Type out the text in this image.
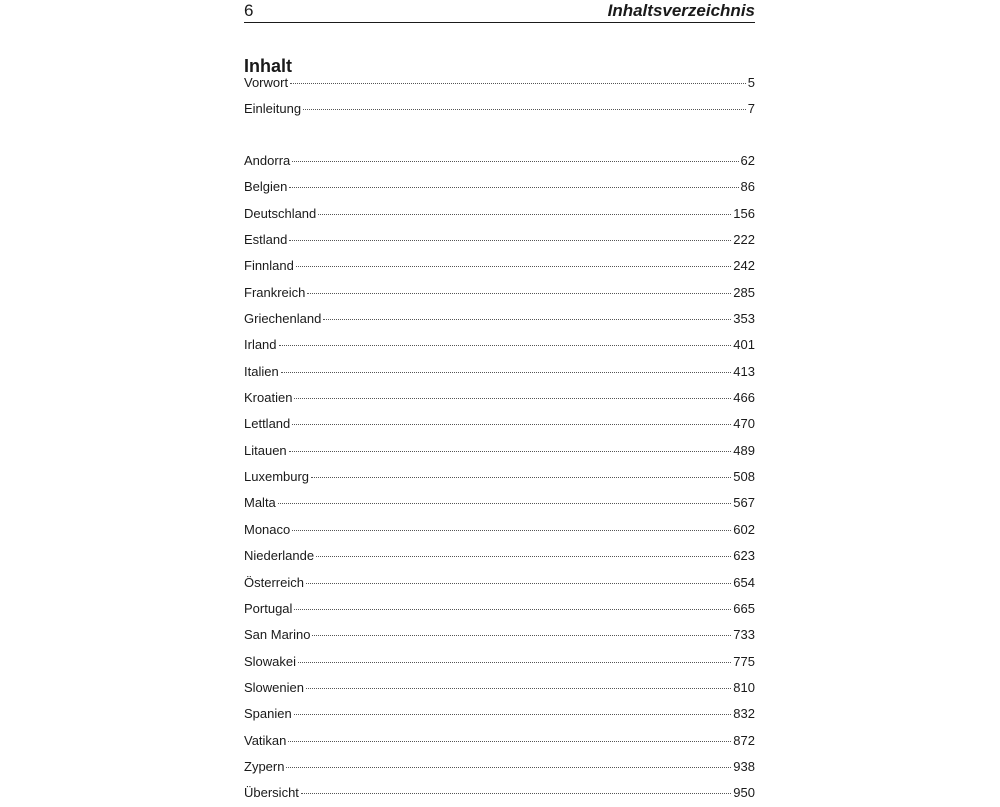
6	Inhaltsverzeichnis
Inhalt
Vorwort	5
Einleitung	7
Andorra	62
Belgien	86
Deutschland	156
Estland	222
Finnland	242
Frankreich	285
Griechenland	353
Irland	401
Italien	413
Kroatien	466
Lettland	470
Litauen	489
Luxemburg	508
Malta	567
Monaco	602
Niederlande	623
Österreich	654
Portugal	665
San Marino	733
Slowakei	775
Slowenien	810
Spanien	832
Vatikan	872
Zypern	938
Übersicht	950
